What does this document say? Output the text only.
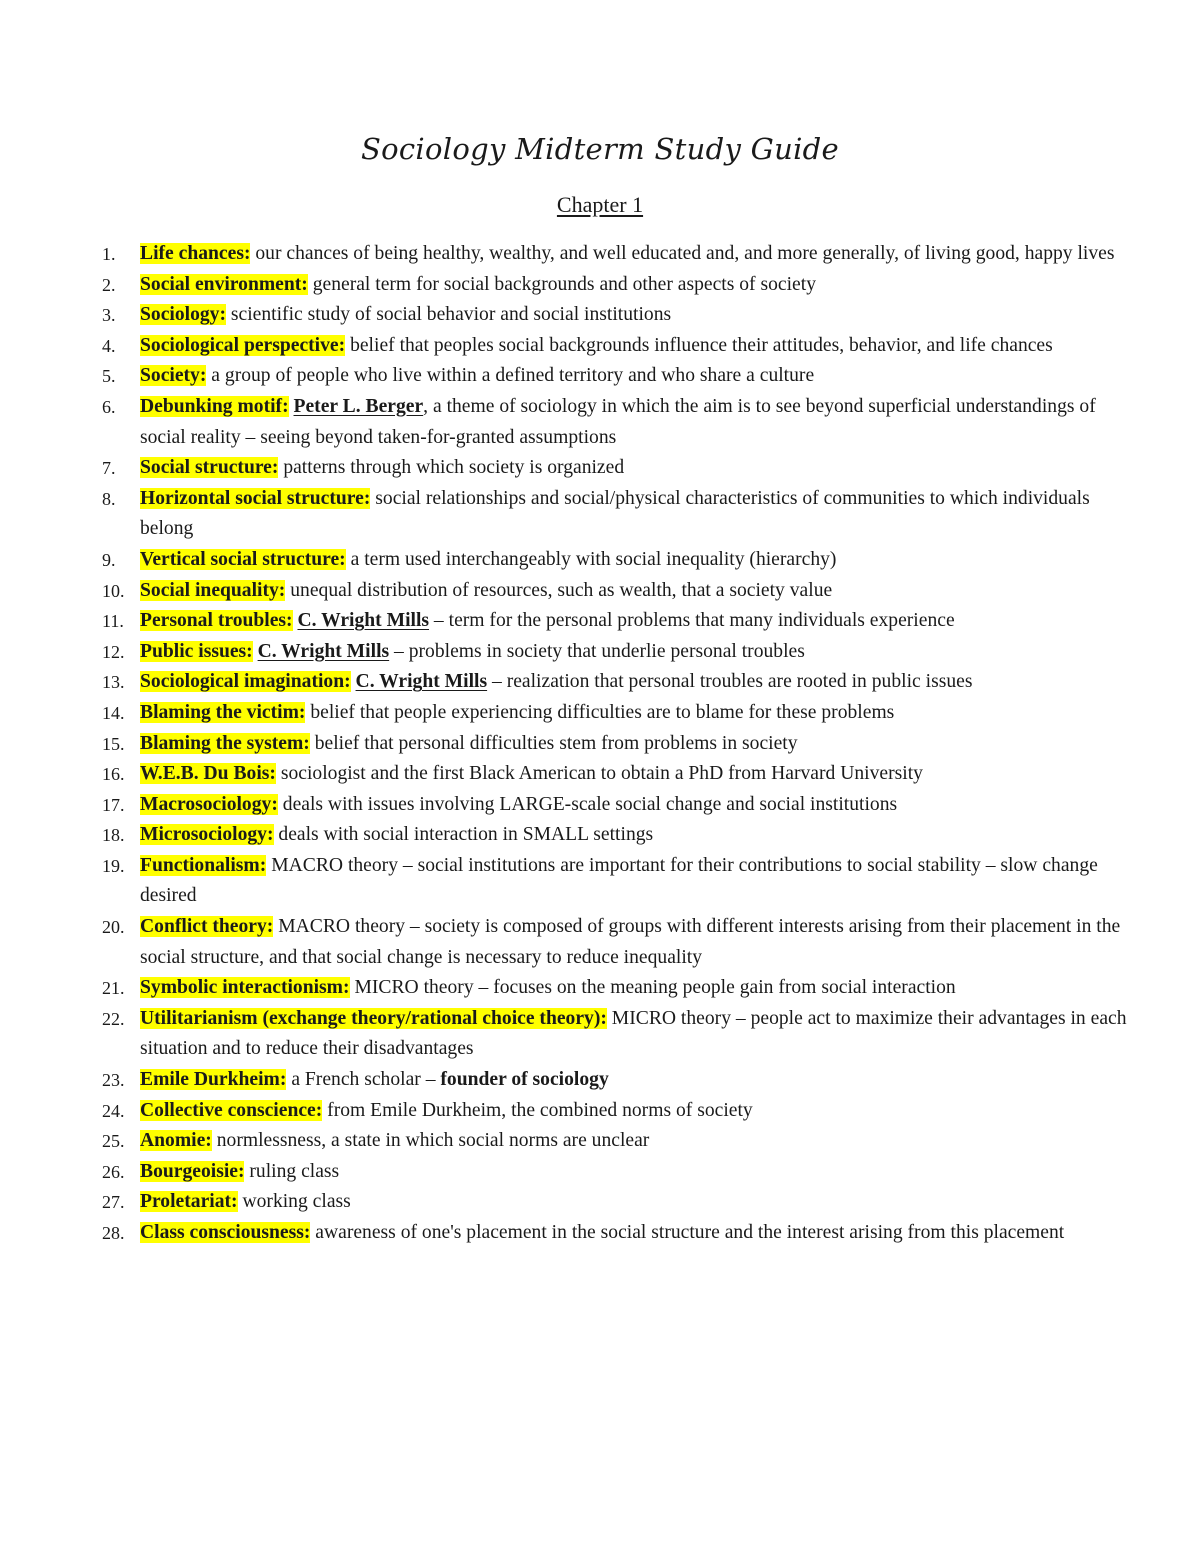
Sociology Midterm Study Guide
Chapter 1
1.	Life chances: our chances of being healthy, wealthy, and well educated and, and more generally, of living good, happy lives
2.	Social environment: general term for social backgrounds and other aspects of society
3.	Sociology: scientific study of social behavior and social institutions
4.	Sociological perspective: belief that peoples social backgrounds influence their attitudes, behavior, and life chances
5.	Society: a group of people who live within a defined territory and who share a culture
6.	Debunking motif: Peter L. Berger, a theme of sociology in which the aim is to see beyond superficial understandings of social reality – seeing beyond taken-for-granted assumptions
7.	Social structure: patterns through which society is organized
8.	Horizontal social structure: social relationships and social/physical characteristics of communities to which individuals belong
9.	Vertical social structure: a term used interchangeably with social inequality (hierarchy)
10. Social inequality: unequal distribution of resources, such as wealth, that a society value
11. Personal troubles: C. Wright Mills – term for the personal problems that many individuals experience
12. Public issues: C. Wright Mills – problems in society that underlie personal troubles
13. Sociological imagination: C. Wright Mills – realization that personal troubles are rooted in public issues
14. Blaming the victim: belief that people experiencing difficulties are to blame for these problems
15. Blaming the system: belief that personal difficulties stem from problems in society
16. W.E.B. Du Bois: sociologist and the first Black American to obtain a PhD from Harvard University
17. Macrosociology: deals with issues involving LARGE-scale social change and social institutions
18. Microsociology: deals with social interaction in SMALL settings
19. Functionalism: MACRO theory – social institutions are important for their contributions to social stability – slow change desired
20. Conflict theory: MACRO theory – society is composed of groups with different interests arising from their placement in the social structure, and that social change is necessary to reduce inequality
21. Symbolic interactionism: MICRO theory – focuses on the meaning people gain from social interaction
22. Utilitarianism (exchange theory/rational choice theory): MICRO theory – people act to maximize their advantages in each situation and to reduce their disadvantages
23. Emile Durkheim: a French scholar – founder of sociology
24. Collective conscience: from Emile Durkheim, the combined norms of society
25. Anomie: normlessness, a state in which social norms are unclear
26. Bourgeoisie: ruling class
27. Proletariat: working class
28. Class consciousness: awareness of one's placement in the social structure and the interest arising from this placement
